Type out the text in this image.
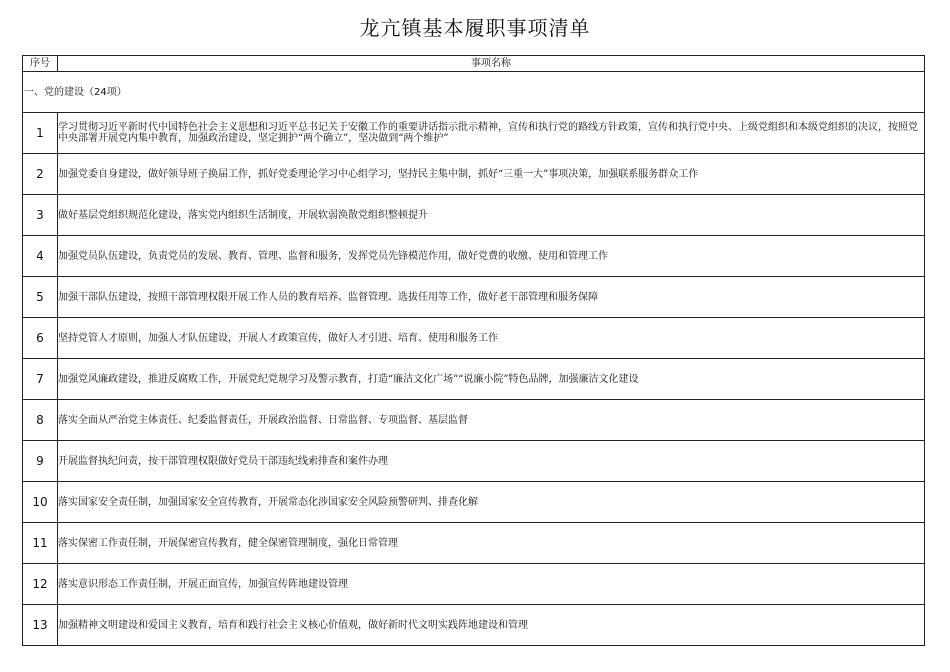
龙亢镇基本履职事项清单
序号	事项名称
一、党的建设（24项）	
1	学习贯彻习近平新时代中国特色社会主义思想和习近平总书记关于安徽工作的重要讲话指示批示精神，宣传和执行党的路线方针政策，宣传和执行党中央、上级党组织和本级党组织的决议，按照党中央部署开展党内集中教育，加强政治建设，坚定拥护“两个确立”，坚决做到“两个维护”
2	加强党委自身建设，做好领导班子换届工作，抓好党委理论学习中心组学习，坚持民主集中制，抓好“三重一大”事项决策，加强联系服务群众工作
3	做好基层党组织规范化建设，落实党内组织生活制度，开展软弱涣散党组织整顿提升
4	加强党员队伍建设，负责党员的发展、教育、管理、监督和服务，发挥党员先锋模范作用，做好党费的收缴、使用和管理工作
5	加强干部队伍建设，按照干部管理权限开展工作人员的教育培养、监督管理、选拔任用等工作，做好老干部管理和服务保障
6	坚持党管人才原则，加强人才队伍建设，开展人才政策宣传，做好人才引进、培育、使用和服务工作
7	加强党风廉政建设，推进反腐败工作，开展党纪党规学习及警示教育，打造“廉洁文化广场”“说廉小院”特色品牌，加强廉洁文化建设
8	落实全面从严治党主体责任、纪委监督责任，开展政治监督、日常监督、专项监督、基层监督
9	开展监督执纪问责，按干部管理权限做好党员干部违纪线索排查和案件办理
10	落实国家安全责任制，加强国家安全宣传教育，开展常态化涉国家安全风险预警研判、排查化解
11	落实保密工作责任制，开展保密宣传教育，健全保密管理制度，强化日常管理
12	落实意识形态工作责任制，开展正面宣传，加强宣传阵地建设管理
13	加强精神文明建设和爱国主义教育，培育和践行社会主义核心价值观，做好新时代文明实践阵地建设和管理
